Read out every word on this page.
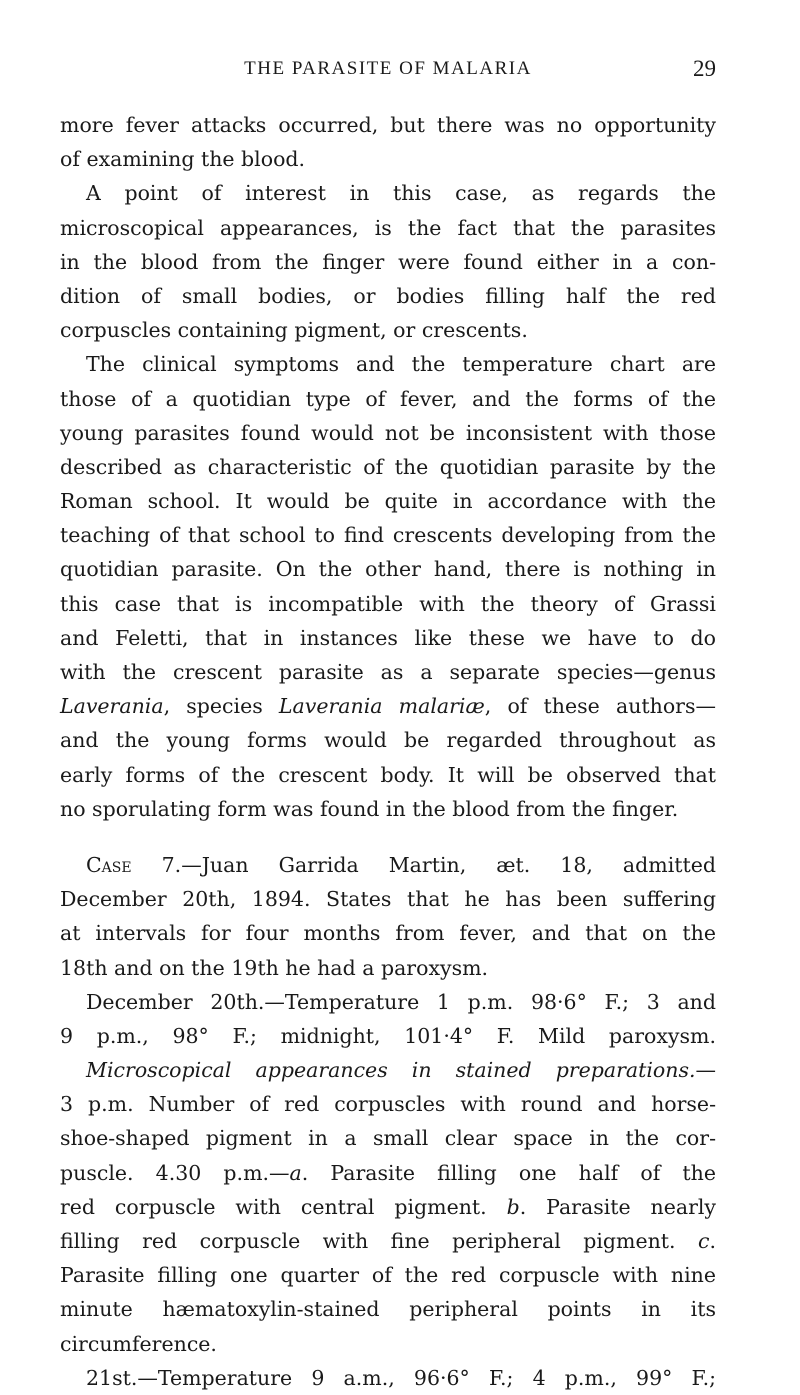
THE PARASITE OF MALARIA	29
more fever attacks occurred, but there was no opportunity
of examining the blood.
A point of interest in this case, as regards the
microscopical appearances, is the fact that the parasites
in the blood from the finger were found either in a con-
dition of small bodies, or bodies filling half the red
corpuscles containing pigment, or crescents.
The clinical symptoms and the temperature chart are
those of a quotidian type of fever, and the forms of the
young parasites found would not be inconsistent with those
described as characteristic of the quotidian parasite by the
Roman school. It would be quite in accordance with the
teaching of that school to find crescents developing from the
quotidian parasite. On the other hand, there is nothing in
this case that is incompatible with the theory of Grassi
and Feletti, that in instances like these we have to do
with the crescent parasite as a separate species—genus
Laverania, species Laverania malariæ, of these authors—
and the young forms would be regarded throughout as
early forms of the crescent body. It will be observed that
no sporulating form was found in the blood from the finger.
Case 7.—Juan Garrida Martin, æt. 18, admitted
December 20th, 1894. States that he has been suffering
at intervals for four months from fever, and that on the
18th and on the 19th he had a paroxysm.
December 20th.—Temperature 1 p.m. 98·6° F.; 3 and
9 p.m., 98° F.; midnight, 101·4° F. Mild paroxysm.
Microscopical appearances in stained preparations.—
3 p.m. Number of red corpuscles with round and horse-
shoe-shaped pigment in a small clear space in the cor-
puscle. 4.30 p.m.—a. Parasite filling one half of the
red corpuscle with central pigment. b. Parasite nearly
filling red corpuscle with fine peripheral pigment. c.
Parasite filling one quarter of the red corpuscle with nine
minute hæmatoxylin-stained peripheral points in its
circumference.
21st.—Temperature 9 a.m., 96·6° F.; 4 p.m., 99° F.;
